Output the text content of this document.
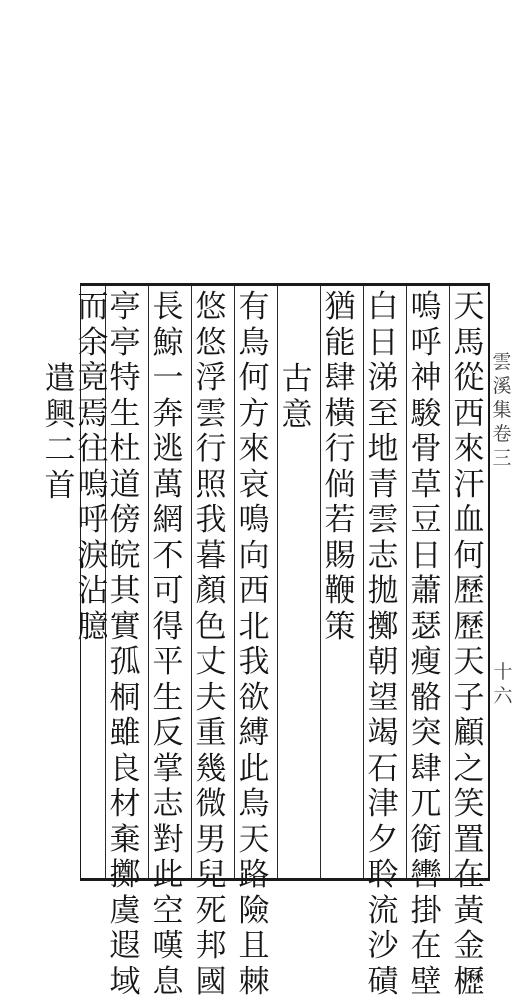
天
馬
從
西
來
汗
血
何
歷
歷
天
子
顧
之
笑
置
在
黃
金
櫪
嗚
呼
神
駿
骨
草
豆
日
蕭
瑟
瘦
骼
突
肆
兀
銜
轡
掛
在
壁
白
日
涕
至
地
青
雲
志
拋
擲
朝
望
竭
石
津
夕
聆
流
沙
磧
猶
能
肆
橫
行
倘
若
賜
鞭
策
古
意
有
鳥
何
方
來
哀
鳴
向
西
北
我
欲
縛
此
鳥
天
路
險
且
棘
悠
悠
浮
雲
行
照
我
暮
顏
色
丈
夫
重
幾
微
男
兒
死
邦
國
長
鯨
一
奔
逃
萬
網
不
可
得
平
生
反
掌
志
對
此
空
嘆
息
亭
亭
特
生
杜
道
傍
皖
其
實
孤
桐
雖
良
材
棄
擲
虞
遐
域
而
余
竟
焉
往
嗚
呼
淚
沾
臆
遣
興
二
首
雲
溪
集
卷
三
十
六
